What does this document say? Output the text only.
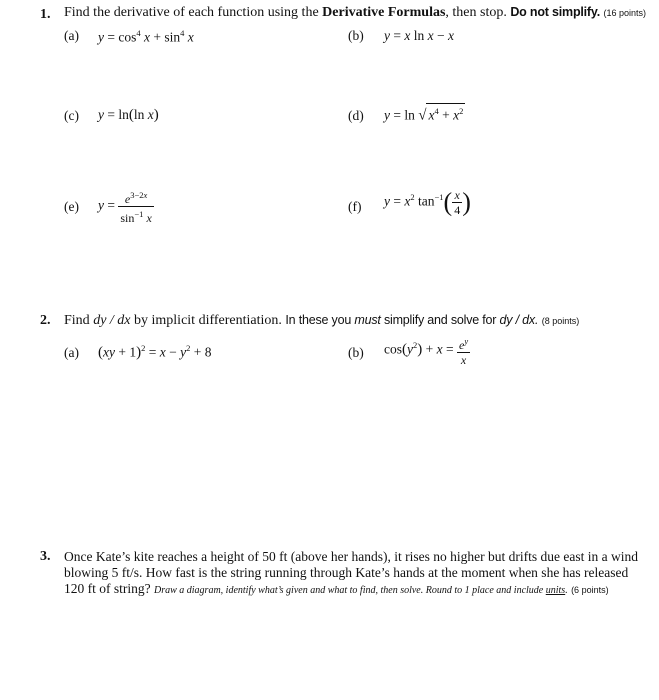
1. Find the derivative of each function using the Derivative Formulas, then stop. Do not simplify. (16 points)
(a) $y = \cos^4 x + \sin^4 x$	(b) y = x ln x − x
(c) y = ln(ln x)	(d) y = ln √ $x^4 + x^2$
(e) $y = \frac{e^{3-2x}}{\sin^{-1} x}$	(f) $y = x^2$ $\tan^{-1}( \frac{x}{4}$ )
2. Find dy / dx by implicit differentiation. In these you must simplify and solve for dy / dx. (8 points)
(a) $(xy + 1)^2 = x - y^2 + 8$	(b) $\cos(y^2) + x = \frac{e^y}{x}$
3. Once Kate’s kite reaches a height of 50 ft (above her hands), it rises no higher but drifts due east in a wind
blowing 5 ft/s. How fast is the string running through Kate’s hands at the moment when she has released
120 ft of string? Draw a diagram, identify what’s given and what to find, then solve. Round to 1 place and include units. (6 points)
